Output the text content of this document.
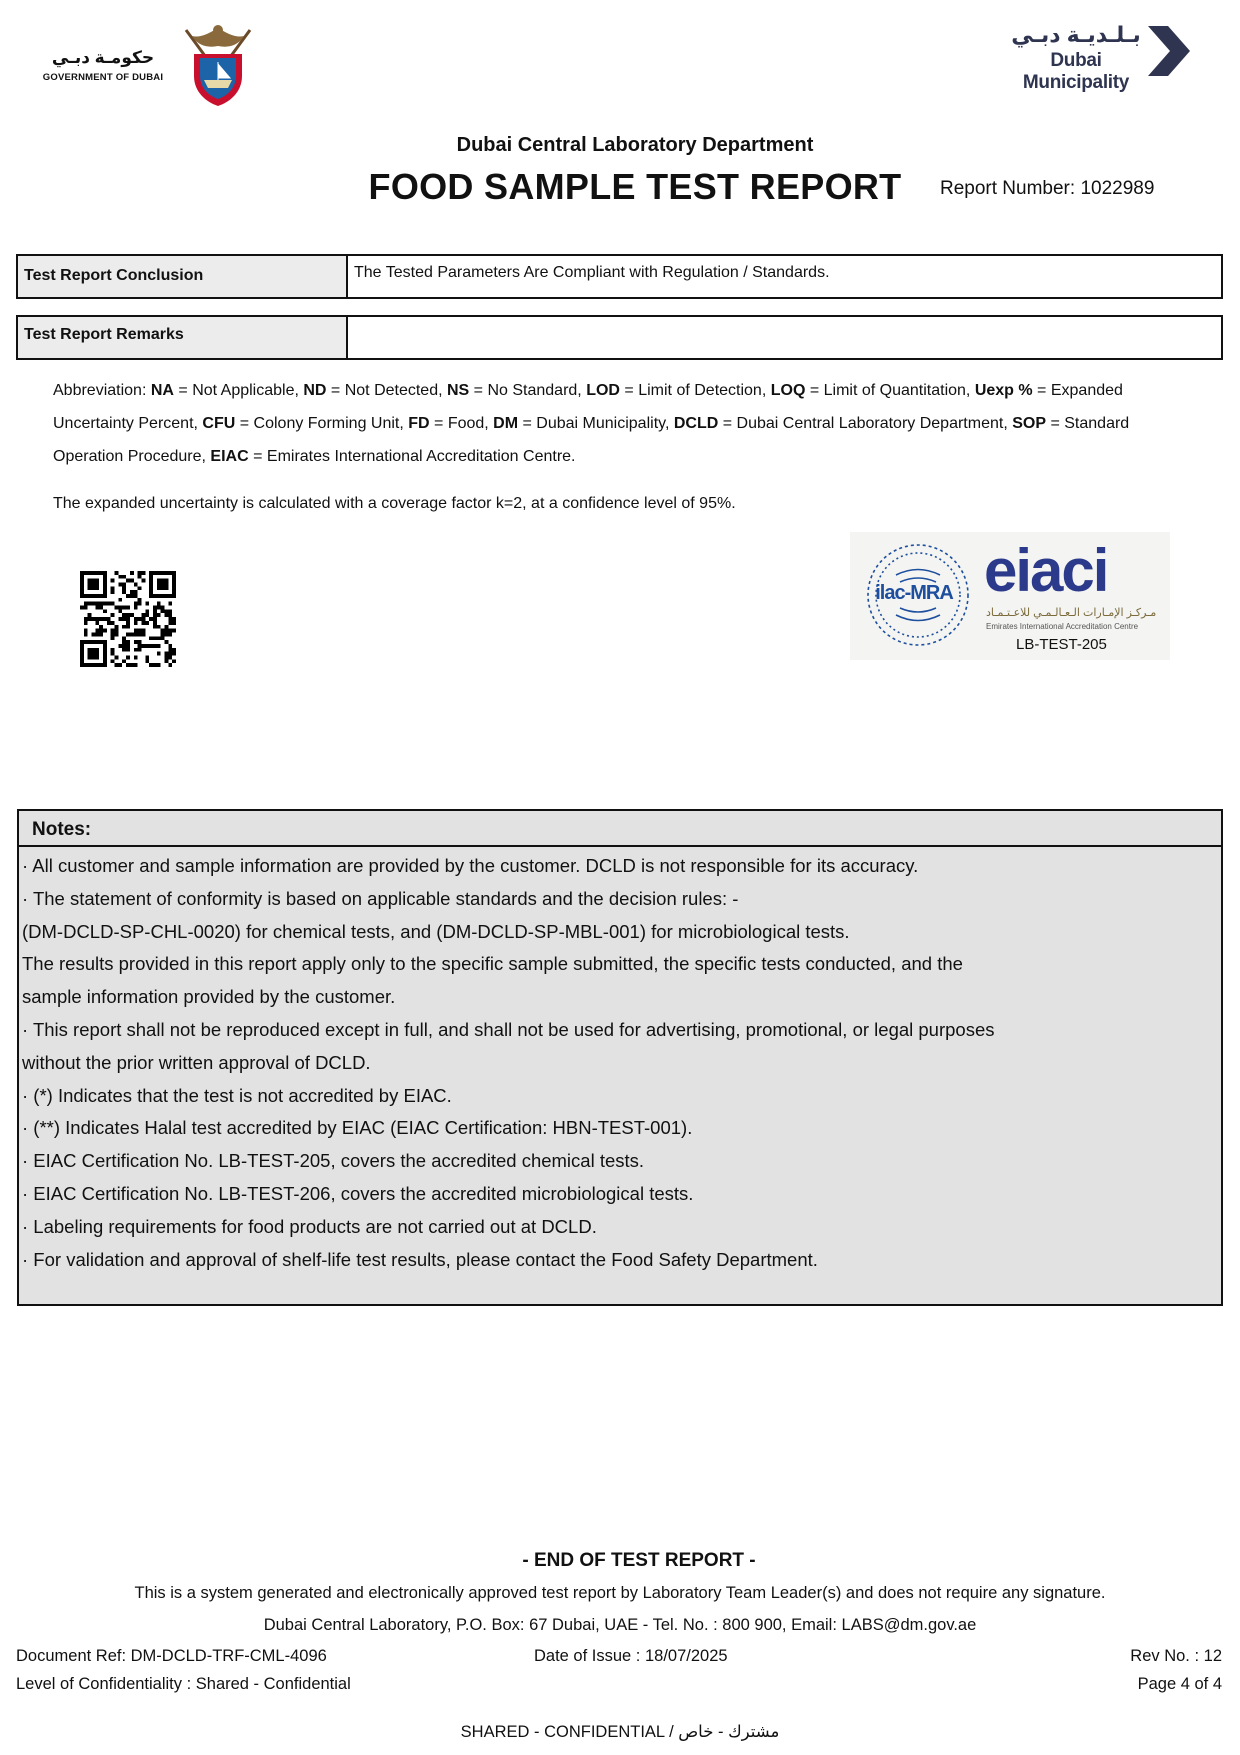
حكومـة دبـي
GOVERNMENT OF DUBAI
بـلـديـة دبـي
Dubai Municipality
Dubai Central Laboratory Department
FOOD SAMPLE TEST REPORT	Report Number: 1022989
Test Report Conclusion	The Tested Parameters Are Compliant with Regulation / Standards.
Test Report Remarks
Abbreviation: NA = Not Applicable, ND = Not Detected, NS = No Standard, LOD = Limit of Detection, LOQ = Limit of Quantitation, Uexp % = Expanded Uncertainty Percent, CFU = Colony Forming Unit, FD = Food, DM = Dubai Municipality, DCLD = Dubai Central Laboratory Department, SOP = Standard Operation Procedure, EIAC = Emirates International Accreditation Centre.
The expanded uncertainty is calculated with a coverage factor k=2, at a confidence level of 95%.
ilac-MRA eiaci
مـركـز الإمـارات الـعـالـمـي للاعـتـمـاد
Emirates International Accreditation Centre
LB-TEST-205
Notes:
· All customer and sample information are provided by the customer. DCLD is not responsible for its accuracy.
· The statement of conformity is based on applicable standards and the decision rules: -
(DM-DCLD-SP-CHL-0020) for chemical tests, and (DM-DCLD-SP-MBL-001) for microbiological tests.
The results provided in this report apply only to the specific sample submitted, the specific tests conducted, and the
sample information provided by the customer.
· This report shall not be reproduced except in full, and shall not be used for advertising, promotional, or legal purposes
without the prior written approval of DCLD.
· (*) Indicates that the test is not accredited by EIAC.
· (**) Indicates Halal test accredited by EIAC (EIAC Certification: HBN-TEST-001).
· EIAC Certification No. LB-TEST-205, covers the accredited chemical tests.
· EIAC Certification No. LB-TEST-206, covers the accredited microbiological tests.
· Labeling requirements for food products are not carried out at DCLD.
· For validation and approval of shelf-life test results, please contact the Food Safety Department.
- END OF TEST REPORT -
This is a system generated and electronically approved test report by Laboratory Team Leader(s) and does not require any signature.
Dubai Central Laboratory, P.O. Box: 67 Dubai, UAE - Tel. No. : 800 900, Email: LABS@dm.gov.ae
Document Ref: DM-DCLD-TRF-CML-4096
Level of Confidentiality : Shared - Confidential
Date of Issue : 18/07/2025	Rev No. : 12
Page 4 of 4
SHARED - CONFIDENTIAL / مشترك - خاص
